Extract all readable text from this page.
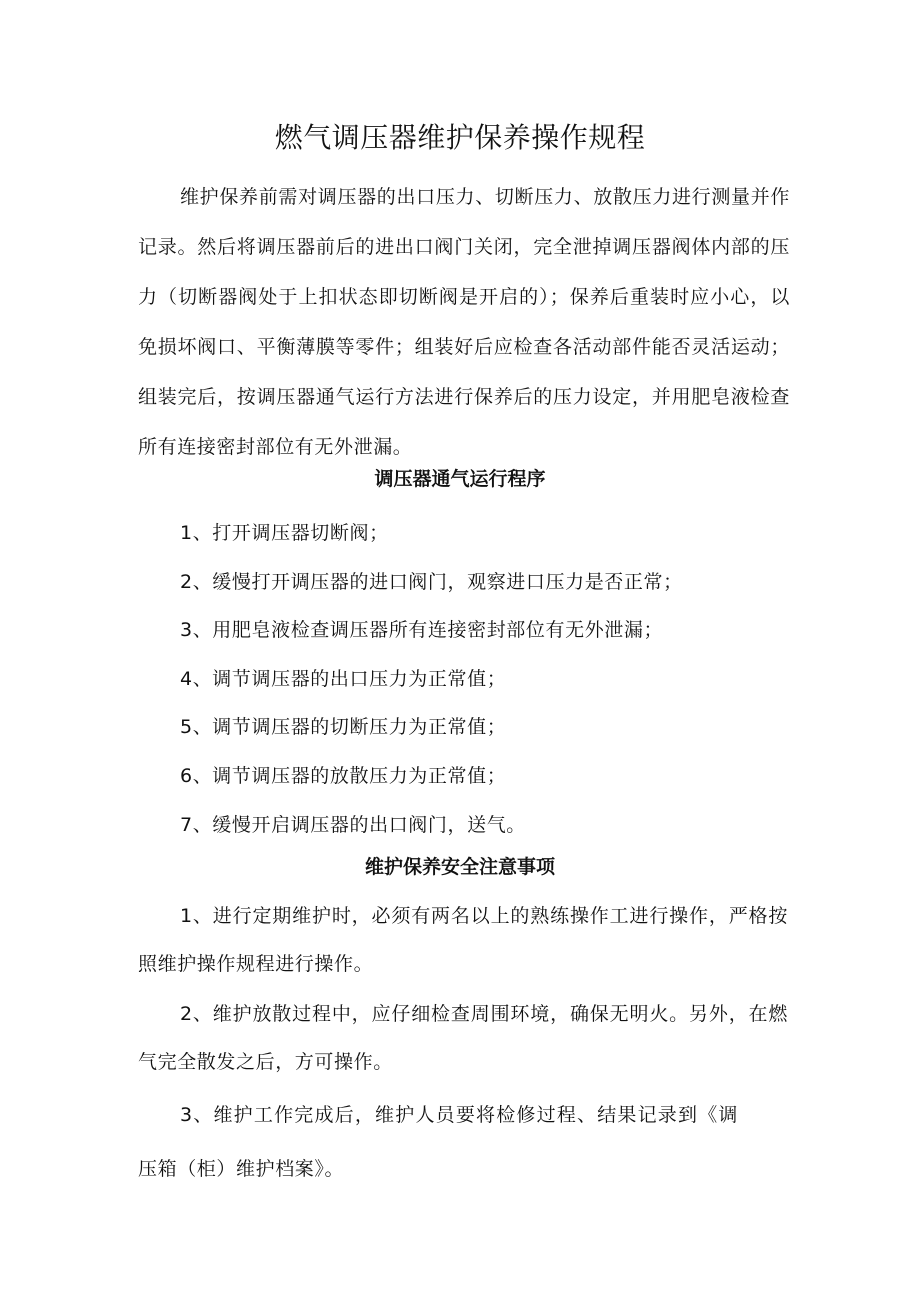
燃气调压器维护保养操作规程

维护保养前需对调压器的出口压力、切断压力、放散压力进行测量并作记录。然后将调压器前后的进出口阀门关闭，完全泄掉调压器阀体内部的压力（切断器阀处于上扣状态即切断阀是开启的）；保养后重装时应小心，以免损坏阀口、平衡薄膜等零件；组装好后应检查各活动部件能否灵活运动；组装完后，按调压器通气运行方法进行保养后的压力设定，并用肥皂液检查所有连接密封部位有无外泄漏。

调压器通气运行程序
1、打开调压器切断阀；
2、缓慢打开调压器的进口阀门，观察进口压力是否正常；
3、用肥皂液检查调压器所有连接密封部位有无外泄漏；
4、调节调压器的出口压力为正常值；
5、调节调压器的切断压力为正常值；
6、调节调压器的放散压力为正常值；
7、缓慢开启调压器的出口阀门，送气。
维护保养安全注意事项

1、进行定期维护时，必须有两名以上的熟练操作工进行操作，严格按照维护操作规程进行操作。

2、维护放散过程中，应仔细检查周围环境，确保无明火。另外，在燃气完全散发之后，方可操作。

3、维护工作完成后，维护人员要将检修过程、结果记录到《调压箱（柜）维护档案》。
